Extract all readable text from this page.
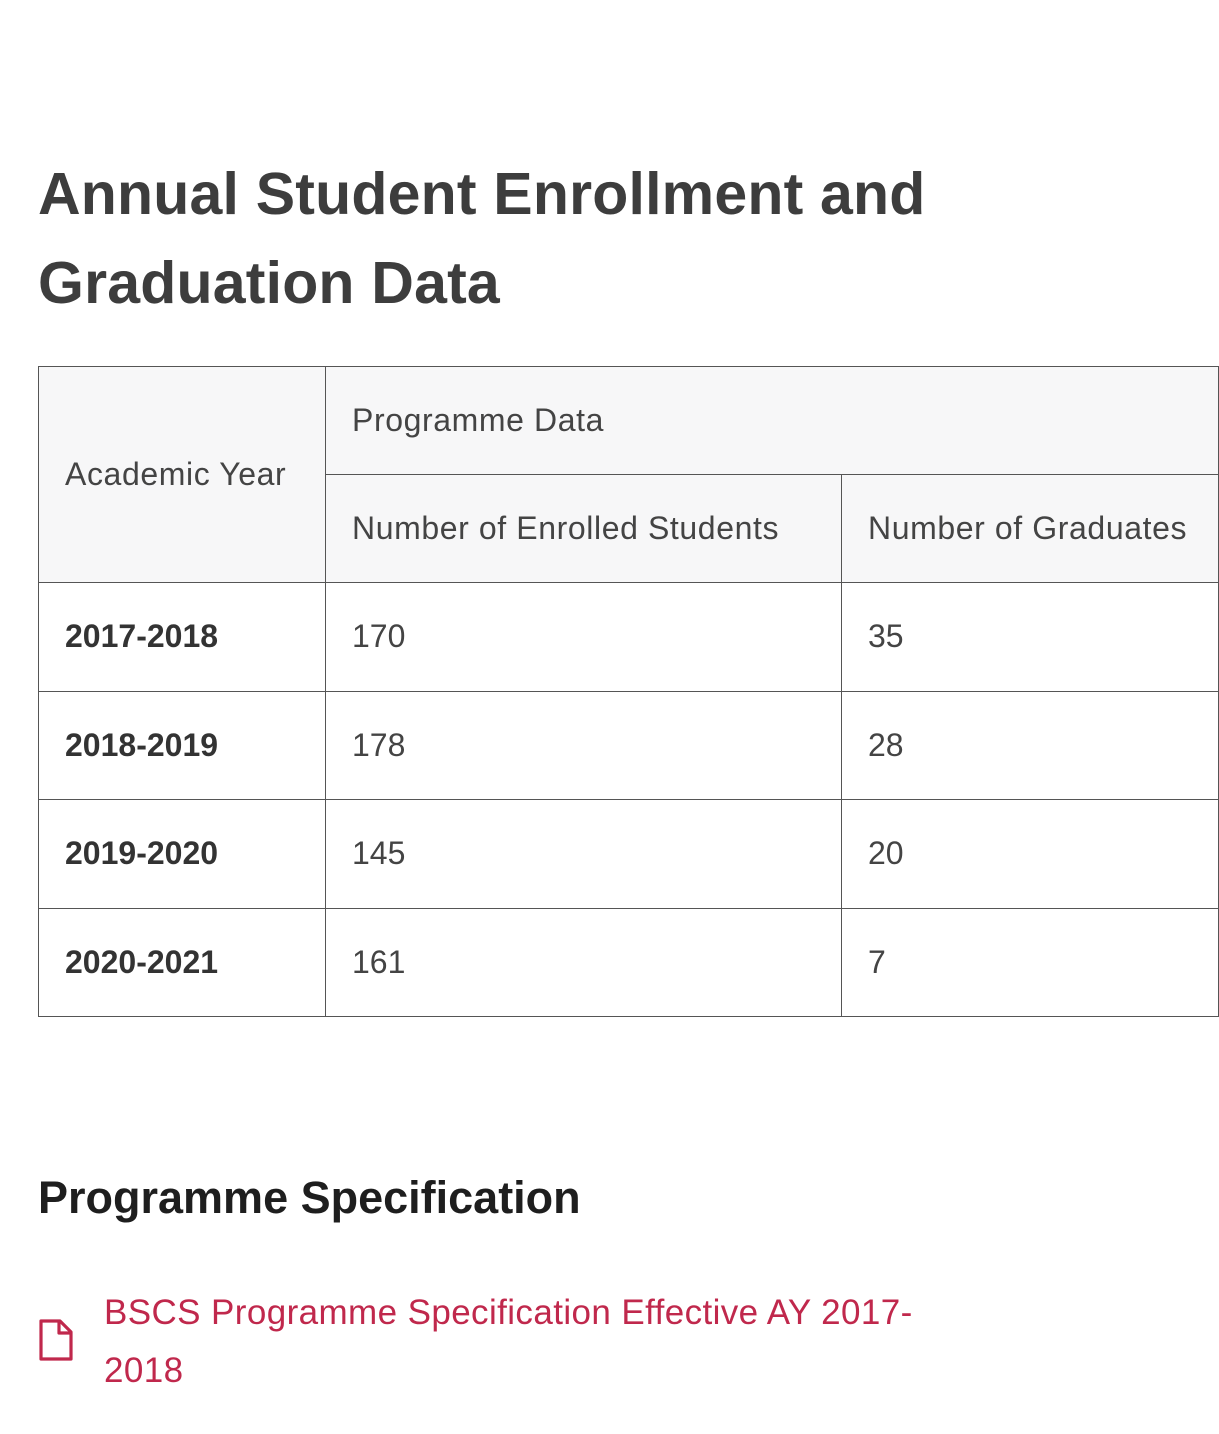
Annual Student Enrollment and Graduation Data
Academic Year	Programme Data	
	Number of Enrolled Students	Number of Graduates
2017-2018	170	35
2018-2019	178	28
2019-2020	145	20
2020-2021	161	7
Programme Specification
BSCS Programme Specification Effective AY 2017-2018
